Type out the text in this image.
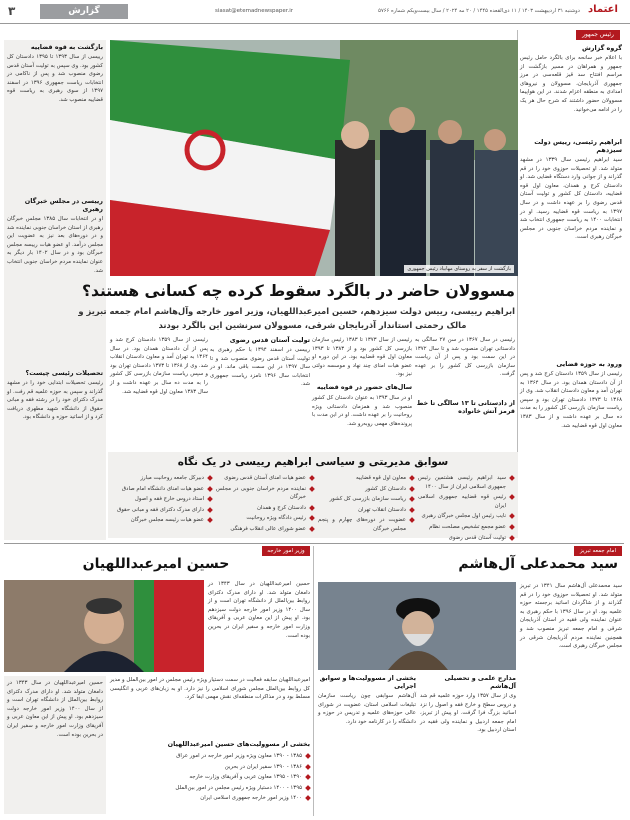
۳	گزارش	siasat@etemadnewspaper.ir	دوشنبه ۳۱ اردیبهشت ۱۴۰۳ / ۱۱ ذی‌القعده ۱۴۴۵ / ۲۰ مه ۲۰۲۴ / سال بیست‌ویکم شماره ۵۷۶۶ اعتماد
رئیس جمهور
گروه گزارش
با اعلام خبر سانحه برای بالگرد حامل رئیس جمهور و همراهان در مسیر بازگشت از مراسم افتتاح سد قیز قلعه‌سی در مرز جمهوری آذربایجان، مسوولان و نیروهای امدادی به منطقه اعزام شدند. در این هواپیما مسوولان حضور داشتند که شرح حال هر یک را در ادامه می‌خوانید.
ابراهیم رئیسی، رییس دولت سیزدهم
سید ابراهیم رئیسی سال ۱۳۳۹ در مشهد متولد شد. او تحصیلات حوزوی خود را در قم گذراند و از جوانی وارد دستگاه قضایی شد. او دادستان کرج و همدان، معاون اول قوه قضاییه، دادستان کل کشور و تولیت آستان قدس رضوی را بر عهده داشت و در سال ۱۳۹۷ به ریاست قوه قضاییه رسید. او در انتخابات ۱۴۰۰ به ریاست جمهوری انتخاب شد و نماینده مردم خراسان جنوبی در مجلس خبرگان رهبری است.
ورود به حوزه قضایی
رئیسی از سال ۱۳۵۹ دادستان کرج شد و پس از آن دادستان همدان بود. در سال ۱۳۶۴ به تهران آمد و معاون دادستان انقلاب شد. وی از ۱۳۶۸ تا ۱۳۷۳ دادستان تهران بود و سپس ریاست سازمان بازرسی کل کشور را به مدت ده سال بر عهده داشت و از سال ۱۳۸۳ معاون اول قوه قضاییه شد.
بازگشت به قوه قضاییه
رییسی از سال ۱۳۹۳ تا ۱۳۹۵ دادستان کل کشور بود. وی سپس به تولیت آستان قدس رضوی منصوب شد و پس از ناکامی در انتخابات ریاست جمهوری ۱۳۹۶ در اسفند ۱۳۹۷ از سوی رهبری به ریاست قوه قضاییه منصوب شد.
رییسی در مجلس خبرگان رهبری
او در انتخابات سال ۱۳۸۵ مجلس خبرگان رهبری از استان خراسان جنوبی نماینده شد و در دوره‌های بعد نیز به عضویت این مجلس درآمد. او عضو هیات رییسه مجلس خبرگان بود و در سال ۱۴۰۲ بار دیگر به عنوان نماینده مردم خراسان جنوبی انتخاب شد.
تحصیلات رئیسی چیست؟
رئیسی تحصیلات ابتدایی خود را در مشهد گذراند و سپس به حوزه علمیه قم رفت. او مدرک دکترای خود را در رشته فقه و مبانی حقوق از دانشگاه شهید مطهری دریافت کرد و از اساتید حوزه و دانشگاه بود.
بازگشت از سفر به روستای مهابیاد رئیس جمهوری
مسوولان حاضر در بالگرد سقوط کرده چه کسانی هستند؟
ابراهیم رییسی، رییس دولت سیزدهم، حسین امیرعبداللهیان، وزیر امور خارجه وآل‌هاشم امام جمعه تبریز و
مالک رحمتی استاندار آذربایجان شرقی، مسوولان سرنشین این بالگرد بودند
رئیسی در سال ۱۳۶۷ در سن ۲۷ سالگی به دادستانی تهران منصوب شد و تا سال ۱۳۷۲ در این سمت بود و پس از آن ریاست سازمان بازرسی کل کشور را بر عهده گرفت.
از دادستانی تا ۱۳ سالگی تا خط قرمز آتش خانواده
رئیسی از سال ۱۳۷۳ تا ۱۳۸۳ رئیس سازمان بازرسی کل کشور بود و از ۱۳۸۳ تا ۱۳۹۳ معاون اول قوه قضاییه بود. در این دوره او عضو هیات امنای چند نهاد و موسسه دولتی نیز بود.
سال‌های حضور در قوه قضاییه
او در سال ۱۳۹۳ به عنوان دادستان کل کشور منصوب شد و همزمان دادستانی ویژه روحانیت را بر عهده داشت. او در این مدت با پرونده‌های مهمی روبه‌رو شد.
تولیت آستان قدس رضوی
رییسی در اسفند ۱۳۹۴ با حکم رهبری به تولیت آستان قدس رضوی منصوب شد و تا سال ۱۳۹۷ در این سمت باقی ماند. او در انتخابات سال ۱۳۹۶ نامزد ریاست جمهوری شد.
رئیسی از سال ۱۳۵۹ دادستان کرج شد و پس از آن دادستان همدان بود. در سال ۱۳۶۴ به تهران آمد و معاون دادستان انقلاب شد. وی از ۱۳۶۸ تا ۱۳۷۳ دادستان تهران بود و سپس ریاست سازمان بازرسی کل کشور را به مدت ده سال بر عهده داشت و از سال ۱۳۸۳ معاون اول قوه قضاییه شد.
سوابق مدیریتی و سیاسی ابراهیم رییسی در یک نگاه
سید ابراهیم رئیسی هشتمین رئیس جمهوری اسلامی ایران از سال ۱۴۰۰
رئیس قوه قضاییه جمهوری اسلامی ایران
نایب رئیس اول مجلس خبرگان رهبری
عضو مجمع تشخیص مصلحت نظام
تولیت آستان قدس رضوی
معاون اول قوه قضاییه
دادستان کل کشور
ریاست سازمان بازرسی کل کشور
دادستان انقلاب تهران
عضویت در دوره‌های چهارم و پنجم مجلس خبرگان
عضو هیات امنای آستان قدس رضوی
نماینده مردم خراسان جنوبی در مجلس خبرگان
دادستان کرج و همدان
رئیس دادگاه ویژه روحانیت
عضو شورای عالی انقلاب فرهنگی
دبیرکل جامعه روحانیت مبارز
عضو هیات امنای دانشگاه امام صادق
استاد دروس خارج فقه و اصول
دارای مدرک دکترای فقه و مبانی حقوق
عضو هیات رئیسه مجلس خبرگان
امام جمعه تبریز
سید محمدعلی آل‌هاشم
سید محمدعلی آل‌هاشم سال ۱۳۴۱ در تبریز متولد شد. او تحصیلات حوزوی خود را در قم گذراند و از شاگردان اساتید برجسته حوزه علمیه بود. او در سال ۱۳۹۶ با حکم رهبری به عنوان نماینده ولی فقیه در استان آذربایجان شرقی و امام جمعه تبریز منصوب شد و همچنین نماینده مردم آذربایجان شرقی در مجلس خبرگان رهبری است.
مدارج علمی و تحصیلی آل‌هاشم
وی از سال ۱۳۵۷ وارد حوزه علمیه قم شد و دروس سطح و خارج فقه و اصول را نزد اساتید بزرگ فرا گرفت. او پیش از تبریز، امام جمعه اردبیل و نماینده ولی فقیه در استان اردبیل بود.
بخشی از مسوولیت‌ها و سوابق اجرایی
آل‌هاشم سوابقی چون ریاست سازمان تبلیغات اسلامی استان، عضویت در شورای عالی حوزه‌های علمیه و تدریس در حوزه و دانشگاه را در کارنامه خود دارد.
وزیر امور خارجه
حسین امیرعبداللهیان
حسین امیرعبداللهیان در سال ۱۳۴۳ در دامغان متولد شد. او دارای مدرک دکترای روابط بین‌الملل از دانشگاه تهران است و از سال ۱۴۰۰ وزیر امور خارجه دولت سیزدهم بود. او پیش از این معاون عربی و آفریقای وزارت امور خارجه و سفیر ایران در بحرین بوده است.
امیرعبداللهیان سابقه فعالیت در سمت دستیار ویژه رئیس مجلس در امور بین‌الملل و مدیر کل روابط بین‌الملل مجلس شورای اسلامی را نیز دارد. او به زبان‌های عربی و انگلیسی مسلط بود و در مذاکرات منطقه‌ای نقش مهمی ایفا کرد.
بخشی از مسوولیت‌های حسین امیرعبداللهیان
۱۳۸۵ - ۱۳۹۰ معاون ویژه وزیر امور خارجه در امور عراق
۱۳۸۶ - ۱۳۹۰ سفیر ایران در بحرین
۱۳۹۰ - ۱۳۹۵ معاون عربی و آفریقای وزارت خارجه
۱۳۹۵ - ۱۴۰۰ دستیار ویژه رئیس مجلس در امور بین‌الملل
۱۴۰۰ وزیر امور خارجه جمهوری اسلامی ایران
حسین امیرعبداللهیان در سال ۱۳۴۳ در دامغان متولد شد. او دارای مدرک دکترای روابط بین‌الملل از دانشگاه تهران است و از سال ۱۴۰۰ وزیر امور خارجه دولت سیزدهم بود. او پیش از این معاون عربی و آفریقای وزارت امور خارجه و سفیر ایران در بحرین بوده است.
